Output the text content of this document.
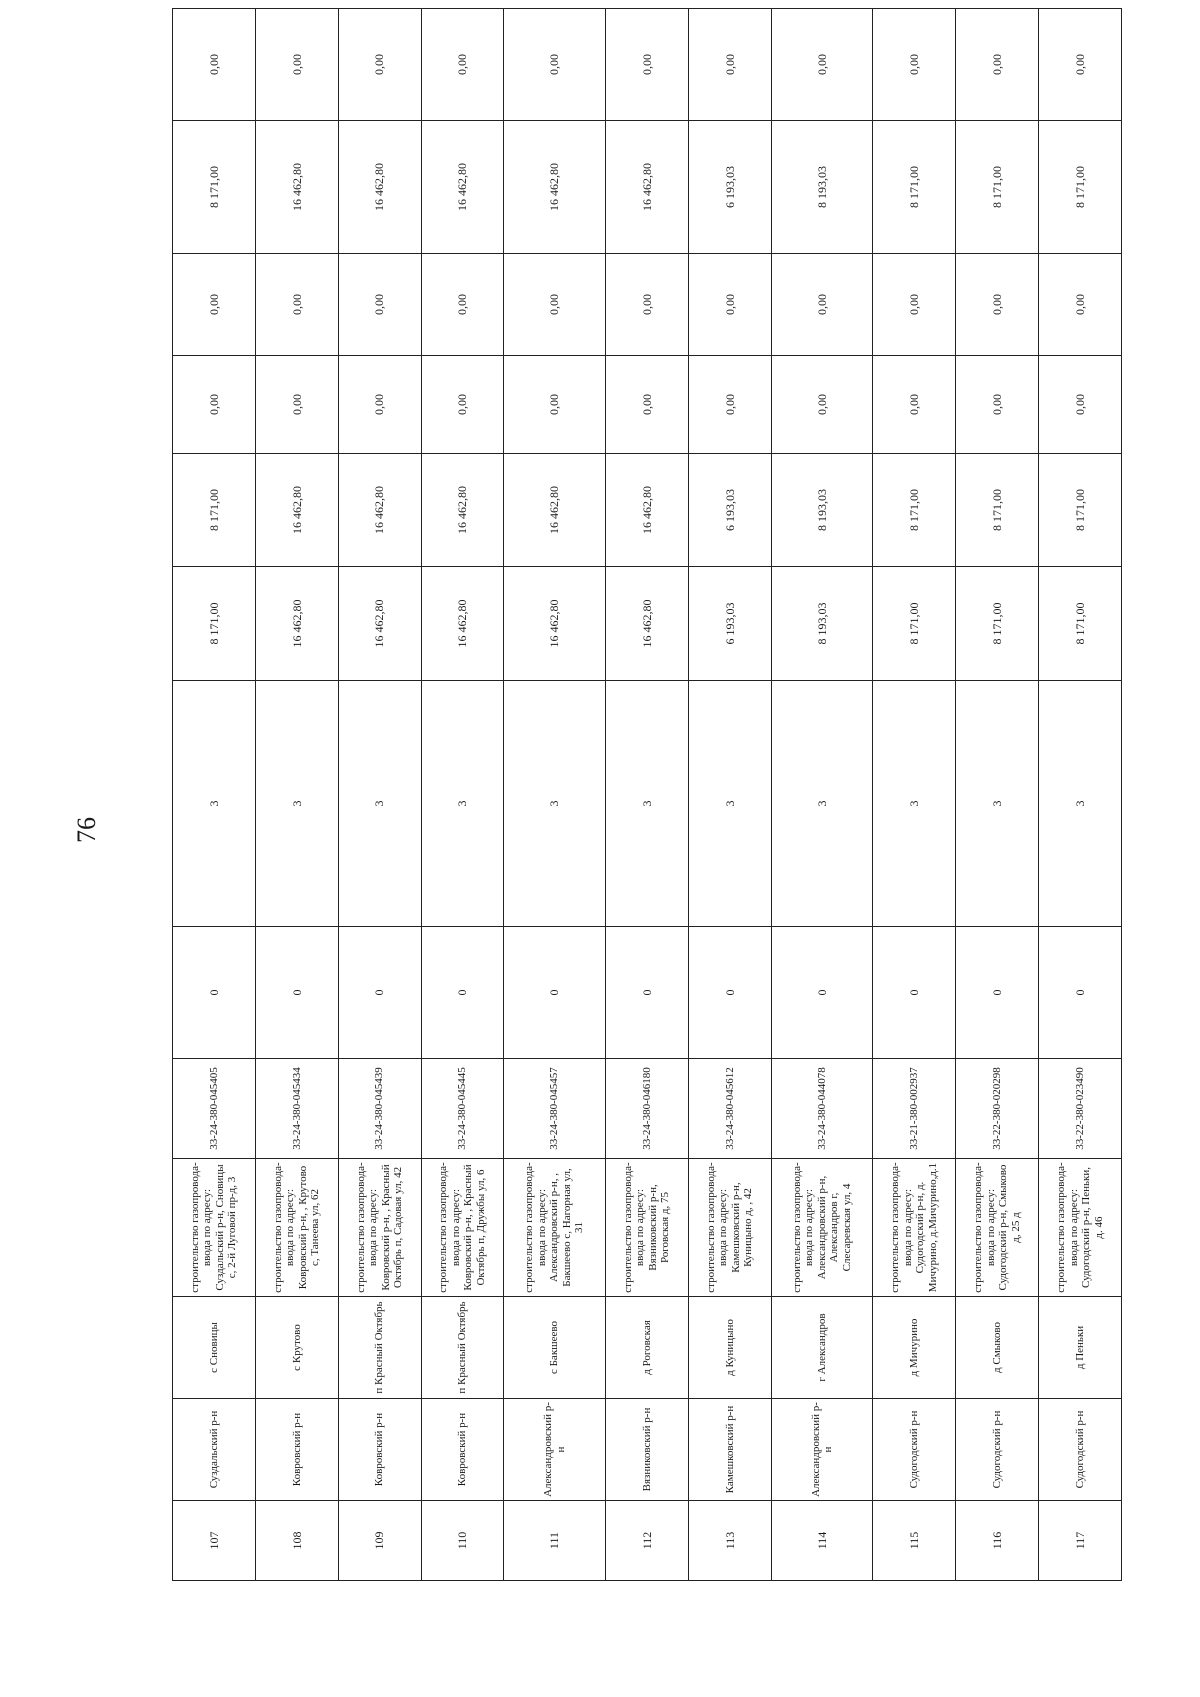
76
107	Суздальский р-н	с Сновицы	строительство газопровода-ввода по адресу: Суздальский р-н, Сновицы с, 2-й Луговой пр-д, 3	33-24-380-045405	0	3	8 171,00	8 171,00	0,00	0,00	8 171,00	0,00
108	Ковровский р-н	с Крутово	строительство газопровода-ввода по адресу: Ковровский р-н, , Крутово с, Танеева ул, 62	33-24-380-045434	0	3	16 462,80	16 462,80	0,00	0,00	16 462,80	0,00
109	Ковровский р-н	п Красный Октябрь	строительство газопровода-ввода по адресу: Ковровский р-н, , Красный Октябрь п, Садовая ул, 42	33-24-380-045439	0	3	16 462,80	16 462,80	0,00	0,00	16 462,80	0,00
110	Ковровский р-н	п Красный Октябрь	строительство газопровода-ввода по адресу: Ковровский р-н, , Красный Октябрь п, Дружбы ул, 6	33-24-380-045445	0	3	16 462,80	16 462,80	0,00	0,00	16 462,80	0,00
111	Александровский р-н	с Бакшеево	строительство газопровода-ввода по адресу: Александровский р-н, , Бакшеево с, Нагорная ул, 31	33-24-380-045457	0	3	16 462,80	16 462,80	0,00	0,00	16 462,80	0,00
112	Вязниковский р-н	д Роговская	строительство газопровода-ввода по адресу: Вязниковский р-н, Роговская д, 75	33-24-380-046180	0	3	16 462,80	16 462,80	0,00	0,00	16 462,80	0,00
113	Камешковский р-н	д Куницыно	строительство газопровода-ввода по адресу: Камешковский р-н, Куницыно д, , 42	33-24-380-045612	0	3	6 193,03	6 193,03	0,00	0,00	6 193,03	0,00
114	Александровский р-н	г Александров	строительство газопровода-ввода по адресу: Александровский р-н, Александров г, Слесаревская ул, 4	33-24-380-044078	0	3	8 193,03	8 193,03	0,00	0,00	8 193,03	0,00
115	Судогодский р-н	д Мичурино	строительство газопровода-ввода по адресу: Судогодский р-н, д. Мичурино, д.Мичурино,д.1	33-21-380-002937	0	3	8 171,00	8 171,00	0,00	0,00	8 171,00	0,00
116	Судогодский р-н	д Смыково	строительство газопровода-ввода по адресу: Судогодский р-н, Смыково д, 25 д	33-22-380-020298	0	3	8 171,00	8 171,00	0,00	0,00	8 171,00	0,00
117	Судогодский р-н	д Пеньки	строительство газопровода-ввода по адресу: Судогодский р-н, Пеньки, д. 46	33-22-380-023490	0	3	8 171,00	8 171,00	0,00	0,00	8 171,00	0,00
